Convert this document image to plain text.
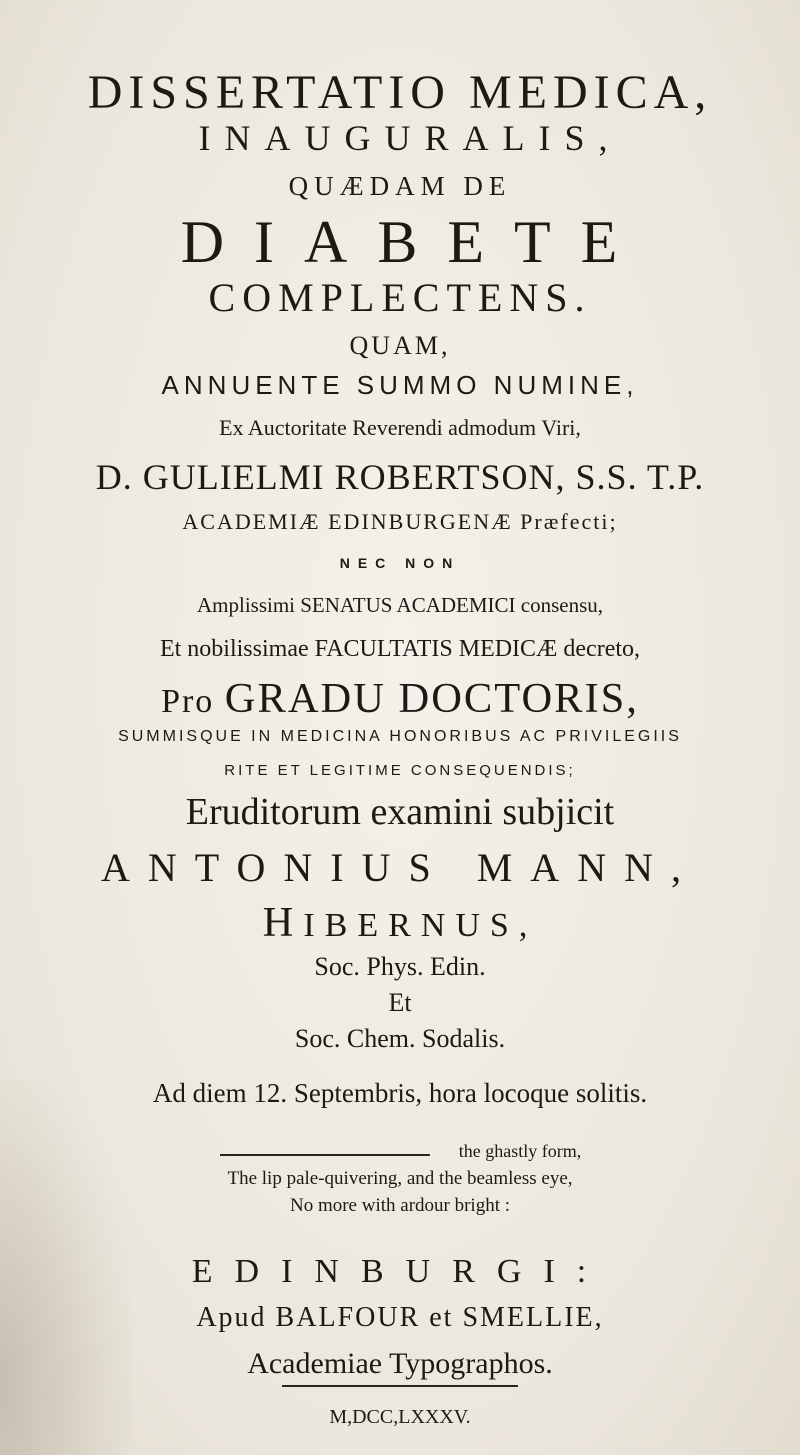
DISSERTATIO MEDICA,
INAUGURALIS,
QUÆDAM DE
DIABETE
COMPLECTENS.
QUAM,
ANNUENTE SUMMO NUMINE,
Ex Auctoritate Reverendi admodum Viri,
D. GULIELMI ROBERTSON, S.S. T.P.
ACADEMIÆ EDINBURGENÆ Præfecti;
NEC NON
Amplissimi SENATUS ACADEMICI consensu,
Et nobilissimae FACULTATIS MEDICÆ decreto,
Pro GRADU DOCTORIS,
SUMMISQUE IN MEDICINA HONORIBUS AC PRIVILEGIIS
RITE ET LEGITIME CONSEQUENDIS;
Eruditorum examini subjicit
ANTONIUS MANN,
HIBERNUS,
Soc. Phys. Edin.
Et
Soc. Chem. Sodalis.
Ad diem 12. Septembris, hora locoque solitis.
the ghastly form,
The lip pale-quivering, and the beamless eye,
No more with ardour bright :
EDINBURGI:
Apud BALFOUR et SMELLIE,
Academiae Typographos.
M,DCC,LXXXV.
